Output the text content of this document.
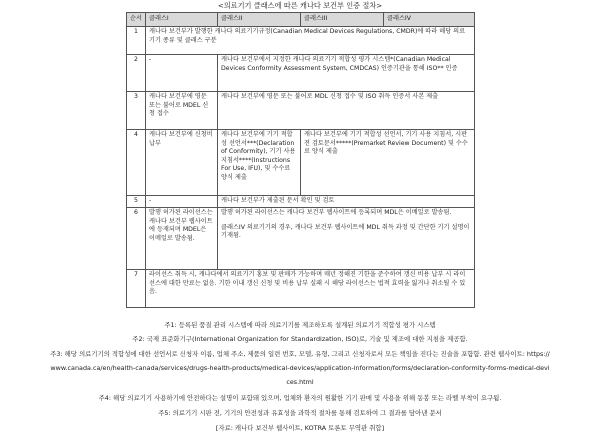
<의료기기 클래스에 따른 캐나다 보건부 인증 절차>
순서	클래스I	클래스II	클래스III	클래스IV
1	캐나다 보건부가 발행한 캐나다 의료기기규정(Canadian Medical Devices Regulations, CMDR)에 따라 해당 의료기기 종류 및 클래스 구분			
2	-	캐나다 보건부에서 지정한 캐나다 의료기기 적합성 평가 시스템*(Canadian Medical Devices Conformity Assessment System, CMDCAS) 인증기관을 통해 ISO** 인증		
3	캐나다 보건부에 영문 또는 불어로 MDEL 신청 접수	캐나다 보건부에 영문 또는 불어로 MDL 신청 접수 및 ISO 취득 인증서 사본 제출		
4	캐나다 보건부에 신청비 납부	캐나다 보건부에 기기 적합성 선언서***(Declaration of Conformity), 기기 사용 지침서****(Instructions For Use, IFU), 및 수수료 양식 제출	캐나다 보건부에 기기 적합성 선언서, 기기 사용 지침서, 시판 전 검토문서*****(Premarket Review Document) 및 수수료 양식 제출	
5	-	캐나다 보건부가 제출된 문서 확인 및 검토		
6	발행 허가된 라이선스는 캐나다 보건부 웹사이트에 등재되며 MDEL은 이메일로 발송됨.	발행 허가된 라이선스는 캐나다 보건부 웹사이트에 등록되며 MDL은 이메일로 발송됨.
클래스IV 의료기기의 경우, 캐나다 보건부 웹사이트에 MDL 취득 과정 및 간단한 기기 설명이 기재됨.		

7	라이선스 취득 시, 캐나다에서 의료기기 홍보 및 판매가 가능하며 매년 정해진 기한을 준수하여 갱신 비용 납부 시 라이선스에 대한 만료는 없음. 기한 이내 갱신 신청 및 비용 납부 실패 시 해당 라이선스는 법적 효력을 잃거나 취소될 수 있음.			
주1: 등록된 품질 관리 시스템에 따라 의료기기를 제조하도록 설계된 의료기기 적합성 평가 시스템
주2: 국제 표준화기구(International Organization for Standardization, ISO)로, 기술 및 제조에 대한 지침을 제공함.
주3: 해당 의료기기의 적합성에 대한 선언서로 신청자 이름, 업체 주소, 제품의 일련 번호, 모델, 유형, 그리고 신청자로서 모든 책임을 진다는 진술을 포함함. 관련 웹사이트: https://
www.canada.ca/en/health-canada/services/drugs-health-products/medical-devices/application-information/forms/declaration-conformity-forms-medical-devi
ces.html
주4: 해당 의료기기 사용하기에 안전하다는 설명이 포함돼 있으며, 업체와 환자의 원활한 기기 판매 및 사용을 위해 동봉 또는 라벨 부착이 요구됨.
주5: 의료기기 시판 전, 기기의 안전성과 유효성을 과학적 절차를 통해 검토하여 그 결과를 담아낸 문서
[자료: 캐나다 보건부 웹사이트, KOTRA 토론토 무역관 취합]
